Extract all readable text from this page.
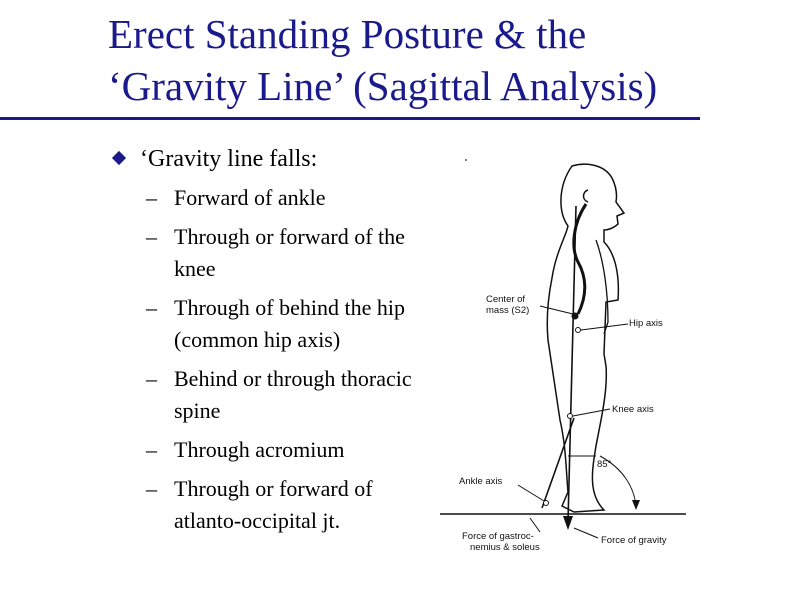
Erect Standing Posture & the
‘Gravity Line’ (Sagittal Analysis)
‘Gravity line falls:
– Forward of ankle
– Through or forward of the knee
– Through of behind the hip (common hip axis)
– Behind or through thoracic spine
– Through acromium
– Through or forward of atlanto-occipital jt.
Center of
mass (S2)
Hip axis
Knee axis
85°
Ankle axis
Force of gastroc-
nemius & soleus
Force of gravity
